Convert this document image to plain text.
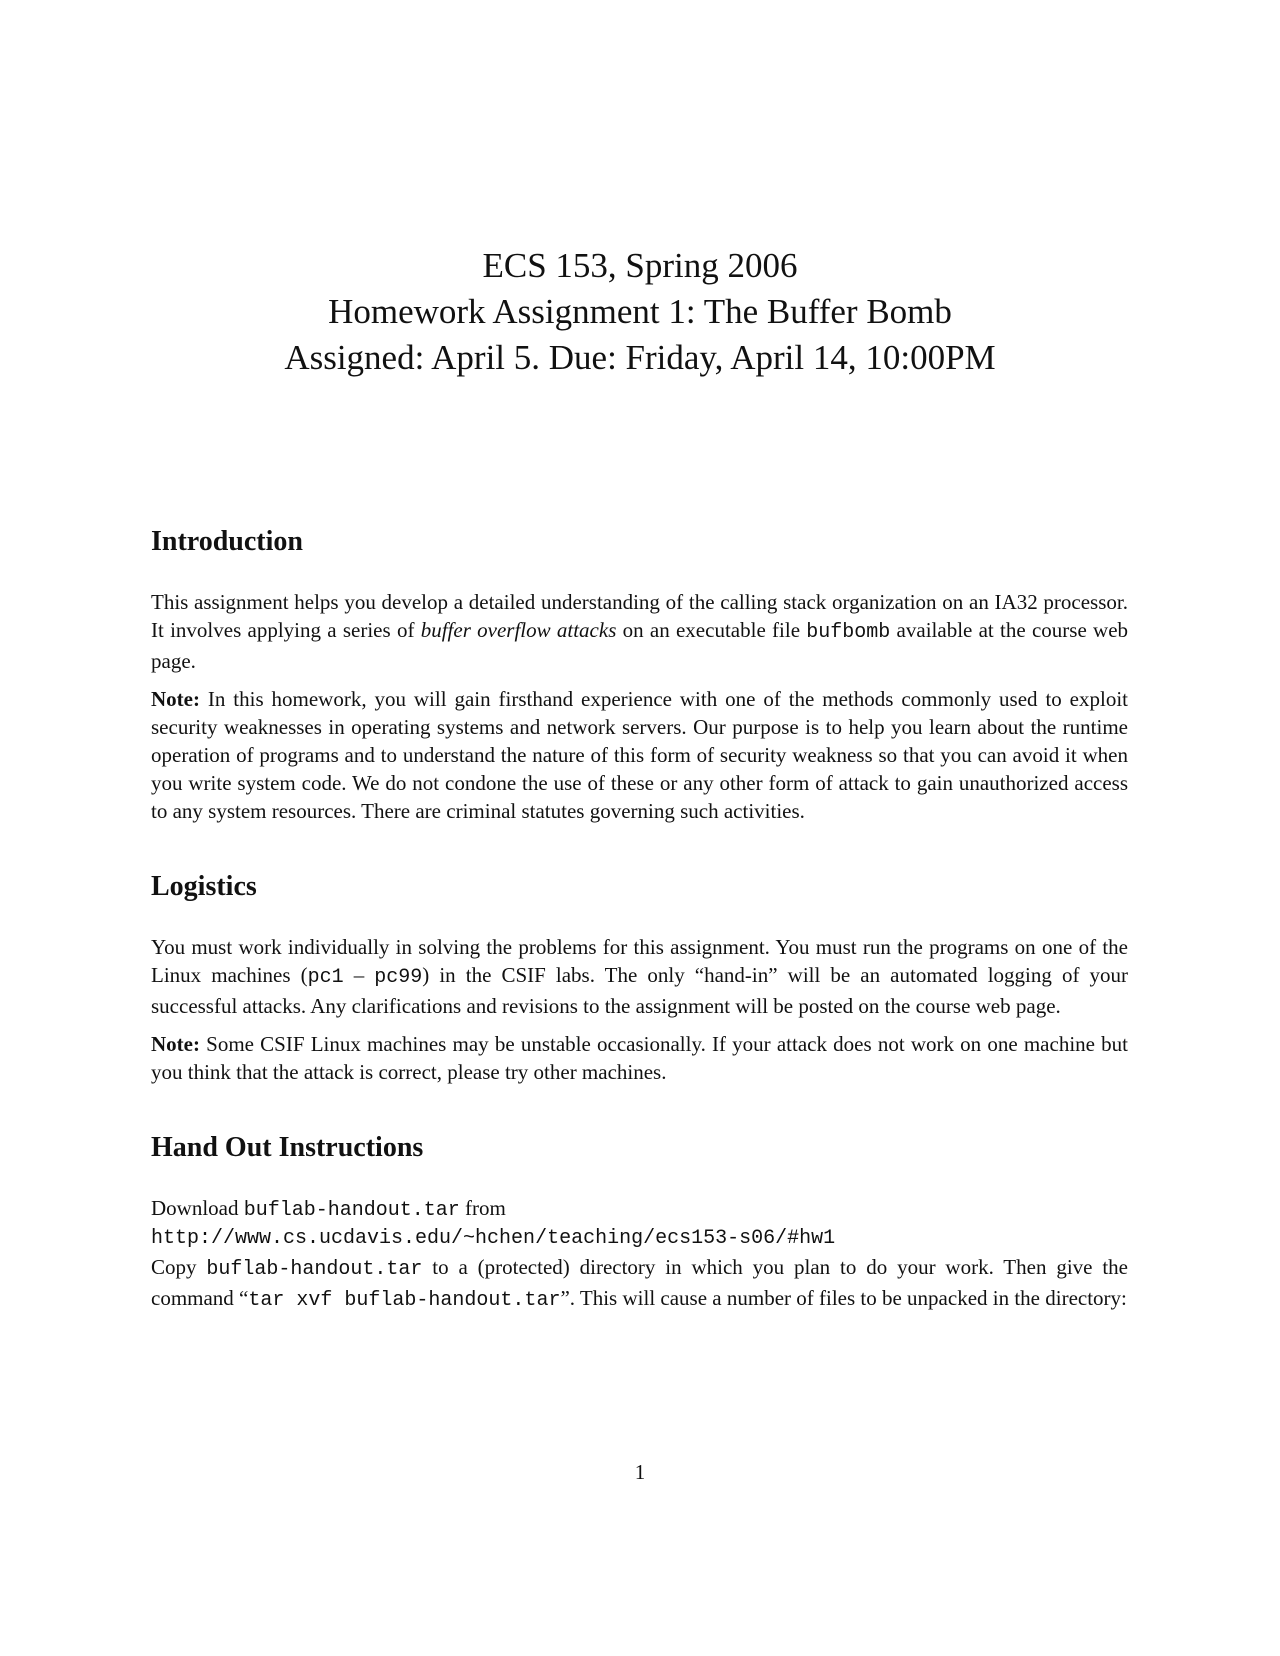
ECS 153, Spring 2006
Homework Assignment 1: The Buffer Bomb
Assigned: April 5. Due: Friday, April 14, 10:00PM
Introduction

This assignment helps you develop a detailed understanding of the calling stack organization on an IA32 processor. It involves applying a series of buffer overflow attacks on an executable file bufbomb available at the course web page.

Note: In this homework, you will gain firsthand experience with one of the methods commonly used to exploit security weaknesses in operating systems and network servers. Our purpose is to help you learn about the runtime operation of programs and to understand the nature of this form of security weakness so that you can avoid it when you write system code. We do not condone the use of these or any other form of attack to gain unauthorized access to any system resources. There are criminal statutes governing such activities.

Logistics

You must work individually in solving the problems for this assignment. You must run the programs on one of the Linux machines (pc1 – pc99) in the CSIF labs. The only “hand-in” will be an automated logging of your successful attacks. Any clarifications and revisions to the assignment will be posted on the course web page.

Note: Some CSIF Linux machines may be unstable occasionally. If your attack does not work on one machine but you think that the attack is correct, please try other machines.

Hand Out Instructions

Download buflab-handout.tar from
http://www.cs.ucdavis.edu/~hchen/teaching/ecs153-s06/#hw1
Copy buflab-handout.tar to a (protected) directory in which you plan to do your work. Then give the command “tar xvf buflab-handout.tar”. This will cause a number of files to be unpacked in the directory:

1
